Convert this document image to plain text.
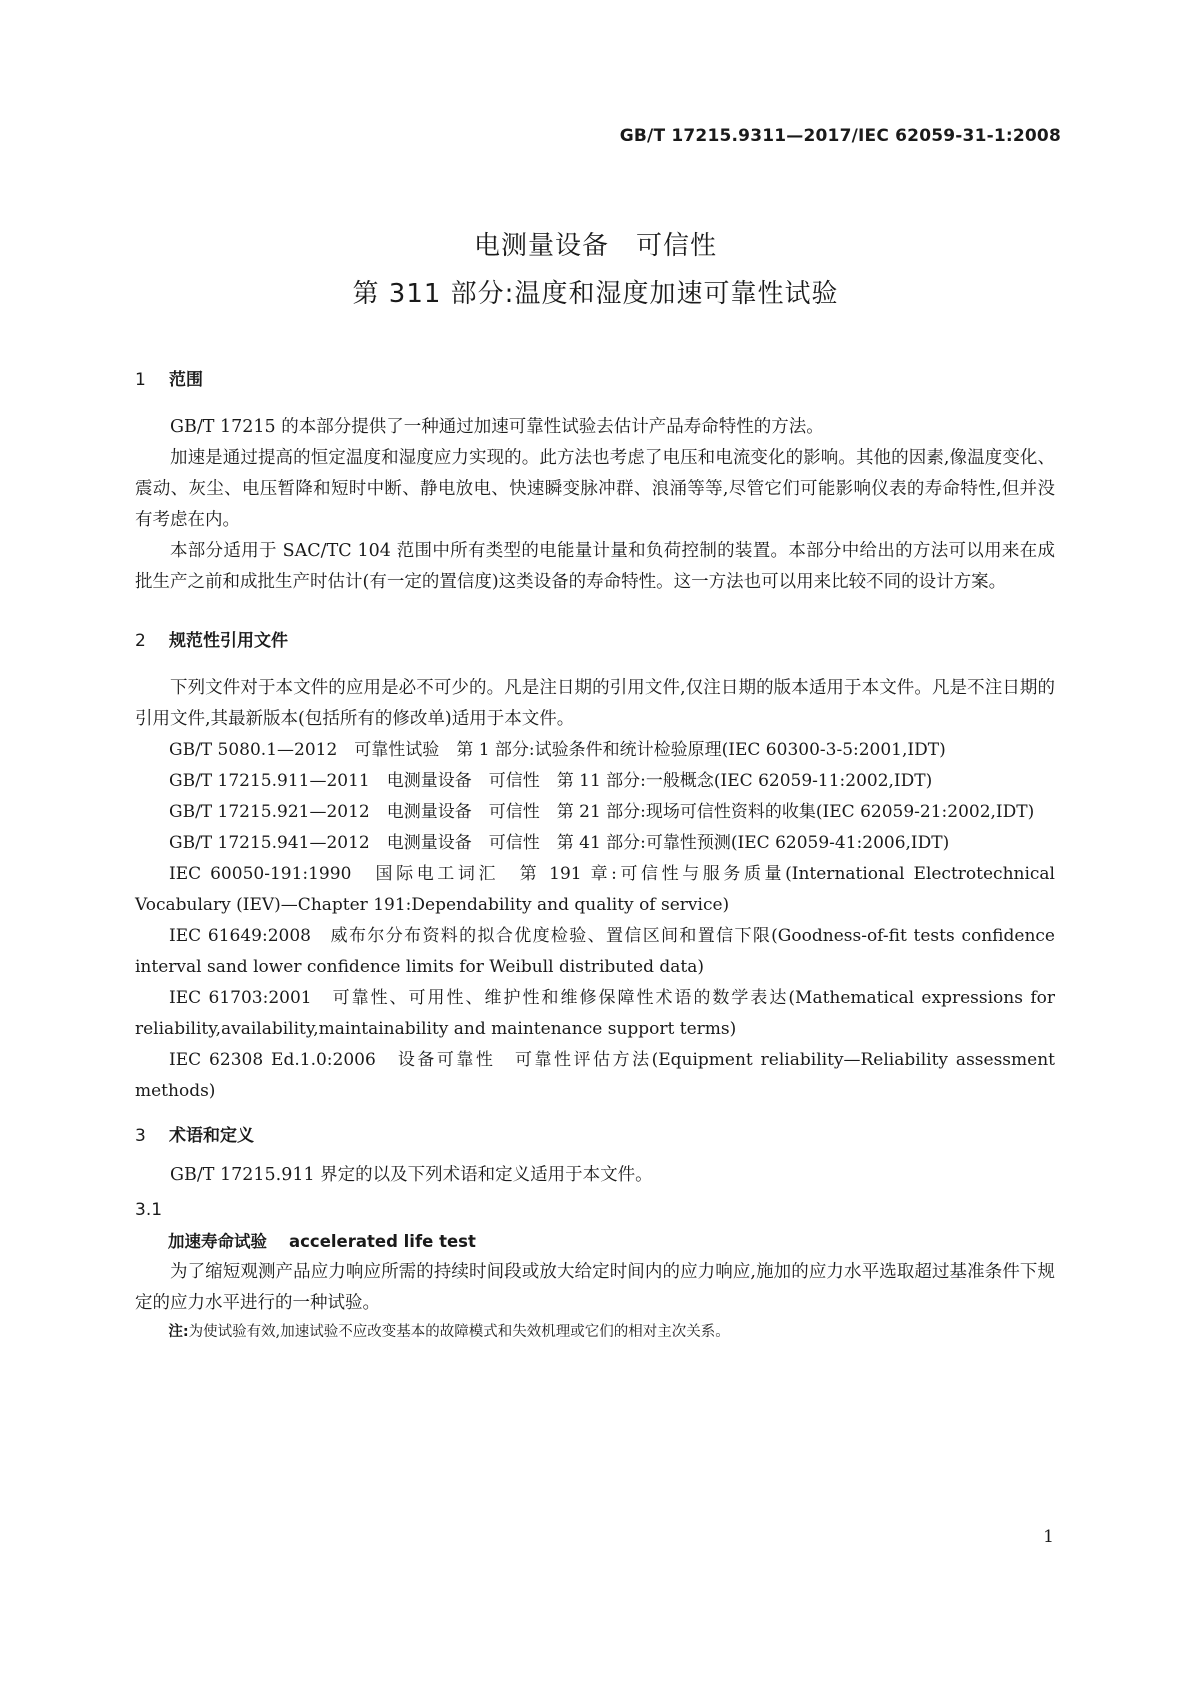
GB/T 17215.9311—2017/IEC 62059-31-1:2008
电测量设备　可信性
第 311 部分:温度和湿度加速可靠性试验
1 范围

GB/T 17215 的本部分提供了一种通过加速可靠性试验去估计产品寿命特性的方法。

加速是通过提高的恒定温度和湿度应力实现的。此方法也考虑了电压和电流变化的影响。其他的因素,像温度变化、震动、灰尘、电压暂降和短时中断、静电放电、快速瞬变脉冲群、浪涌等等,尽管它们可能影响仪表的寿命特性,但并没有考虑在内。

本部分适用于 SAC/TC 104 范围中所有类型的电能量计量和负荷控制的装置。本部分中给出的方法可以用来在成批生产之前和成批生产时估计(有一定的置信度)这类设备的寿命特性。这一方法也可以用来比较不同的设计方案。

2 规范性引用文件

下列文件对于本文件的应用是必不可少的。凡是注日期的引用文件,仅注日期的版本适用于本文件。凡是不注日期的引用文件,其最新版本(包括所有的修改单)适用于本文件。

GB/T 5080.1—2012　可靠性试验　第 1 部分:试验条件和统计检验原理(IEC 60300-3-5:2001,IDT)

GB/T 17215.911—2011　电测量设备　可信性　第 11 部分:一般概念(IEC 62059-11:2002,IDT)

GB/T 17215.921—2012　电测量设备　可信性　第 21 部分:现场可信性资料的收集(IEC 62059-21:2002,IDT)

GB/T 17215.941—2012　电测量设备　可信性　第 41 部分:可靠性预测(IEC 62059-41:2006,IDT)

IEC 60050-191:1990　国际电工词汇　第 191 章:可信性与服务质量(International Electrotechnical Vocabulary (IEV)—Chapter 191:Dependability and quality of service)

IEC 61649:2008　威布尔分布资料的拟合优度检验、置信区间和置信下限(Goodness-of-fit tests confidence interval sand lower confidence limits for Weibull distributed data)

IEC 61703:2001　可靠性、可用性、维护性和维修保障性术语的数学表达(Mathematical expressions for reliability,availability,maintainability and maintenance support terms)

IEC 62308 Ed.1.0:2006　设备可靠性　可靠性评估方法(Equipment reliability—Reliability assessment methods)

3 术语和定义

GB/T 17215.911 界定的以及下列术语和定义适用于本文件。

3.1

加速寿命试验 accelerated life test

为了缩短观测产品应力响应所需的持续时间段或放大给定时间内的应力响应,施加的应力水平选取超过基准条件下规定的应力水平进行的一种试验。

注:为使试验有效,加速试验不应改变基本的故障模式和失效机理或它们的相对主次关系。

1
